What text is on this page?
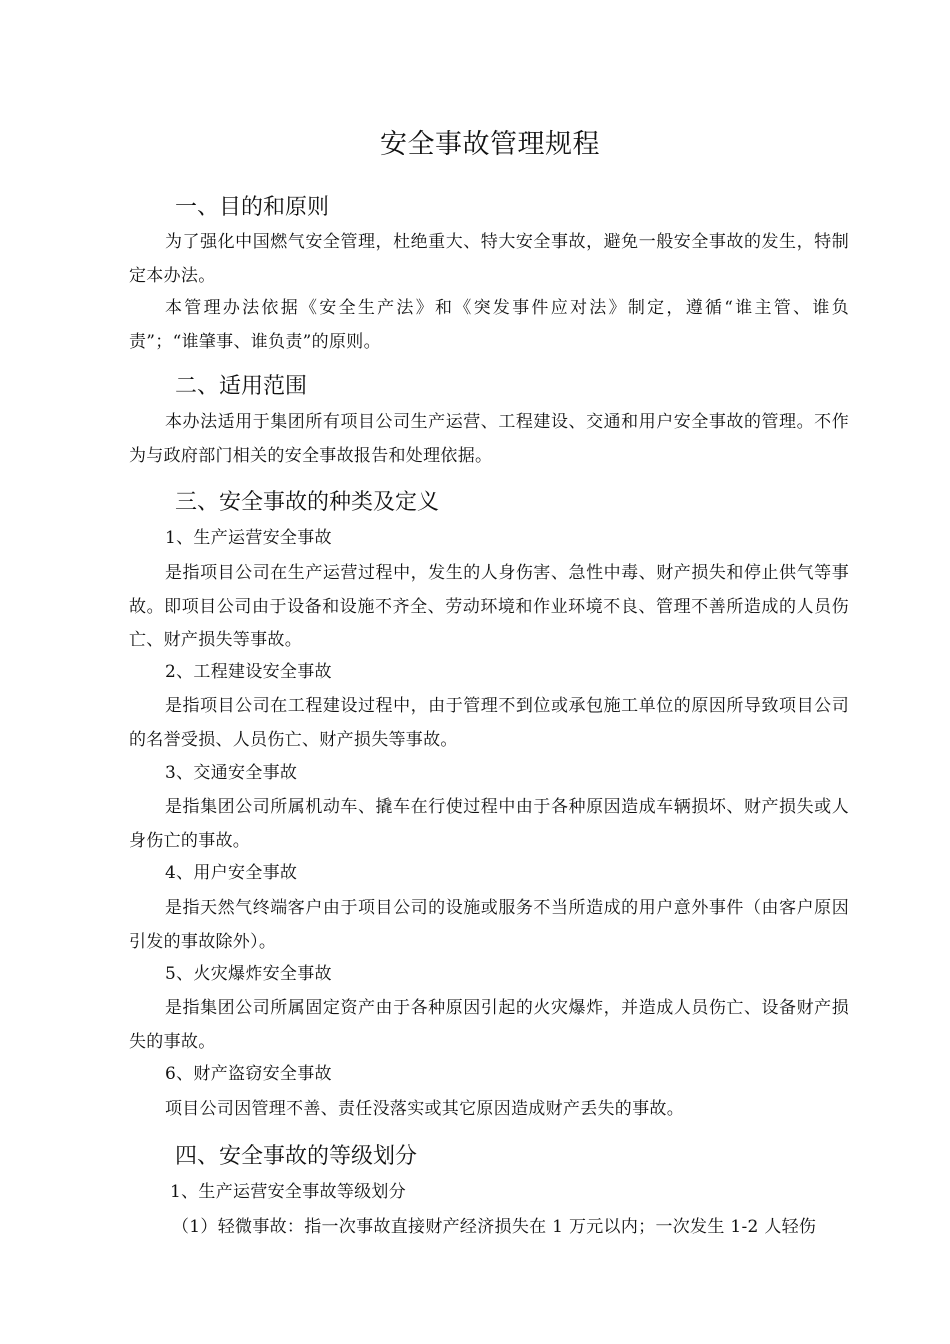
安全事故管理规程
一、目的和原则
为了强化中国燃气安全管理，杜绝重大、特大安全事故，避免一般安全事故的发生，特制定本办法。
本管理办法依据《安全生产法》和《突发事件应对法》制定，遵循“谁主管、谁负责”；“谁肇事、谁负责”的原则。
二、适用范围
本办法适用于集团所有项目公司生产运营、工程建设、交通和用户安全事故的管理。不作为与政府部门相关的安全事故报告和处理依据。
三、安全事故的种类及定义
1、生产运营安全事故
是指项目公司在生产运营过程中，发生的人身伤害、急性中毒、财产损失和停止供气等事故。即项目公司由于设备和设施不齐全、劳动环境和作业环境不良、管理不善所造成的人员伤亡、财产损失等事故。
2、工程建设安全事故
是指项目公司在工程建设过程中，由于管理不到位或承包施工单位的原因所导致项目公司的名誉受损、人员伤亡、财产损失等事故。
3、交通安全事故
是指集团公司所属机动车、撬车在行使过程中由于各种原因造成车辆损坏、财产损失或人身伤亡的事故。
4、用户安全事故
是指天然气终端客户由于项目公司的设施或服务不当所造成的用户意外事件（由客户原因引发的事故除外）。
5、火灾爆炸安全事故
是指集团公司所属固定资产由于各种原因引起的火灾爆炸，并造成人员伤亡、设备财产损失的事故。
6、财产盗窃安全事故
项目公司因管理不善、责任没落实或其它原因造成财产丢失的事故。
四、安全事故的等级划分
1、生产运营安全事故等级划分
（1）轻微事故：指一次事故直接财产经济损失在 1 万元以内；一次发生 1-2 人轻伤
